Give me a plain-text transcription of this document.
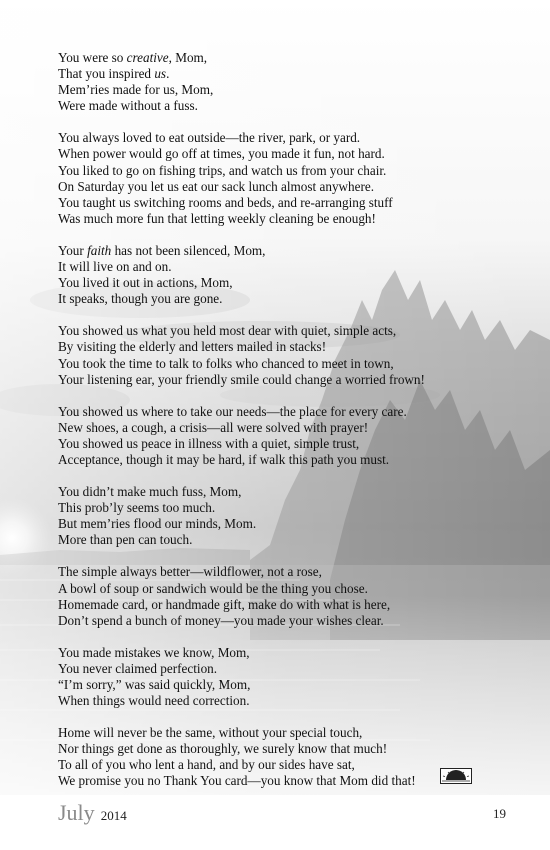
You were so creative, Mom,
That you inspired us.
Mem’ries made for us, Mom,
Were made without a fuss.
You always loved to eat outside—the river, park, or yard.
When power would go off at times, you made it fun, not hard.
You liked to go on fishing trips, and watch us from your chair.
On Saturday you let us eat our sack lunch almost anywhere.
You taught us switching rooms and beds, and re-arranging stuff
Was much more fun that letting weekly cleaning be enough!
Your faith has not been silenced, Mom,
It will live on and on.
You lived it out in actions, Mom,
It speaks, though you are gone.
You showed us what you held most dear with quiet, simple acts,
By visiting the elderly and letters mailed in stacks!
You took the time to talk to folks who chanced to meet in town,
Your listening ear, your friendly smile could change a worried frown!
You showed us where to take our needs—the place for every care.
New shoes, a cough, a crisis—all were solved with prayer!
You showed us peace in illness with a quiet, simple trust,
Acceptance, though it may be hard, if walk this path you must.
You didn’t make much fuss, Mom,
This prob’ly seems too much.
But mem’ries flood our minds, Mom.
More than pen can touch.
The simple always better—wildflower, not a rose,
A bowl of soup or sandwich would be the thing you chose.
Homemade card, or handmade gift, make do with what is here,
Don’t spend a bunch of money—you made your wishes clear.
You made mistakes we know, Mom,
You never claimed perfection.
“I’m sorry,” was said quickly, Mom,
When things would need correction.
Home will never be the same, without your special touch,
Nor things get done as thoroughly, we surely know that much!
To all of you who lent a hand, and by our sides have sat,
We promise you no Thank You card—you know that Mom did that!
July 2014	19
